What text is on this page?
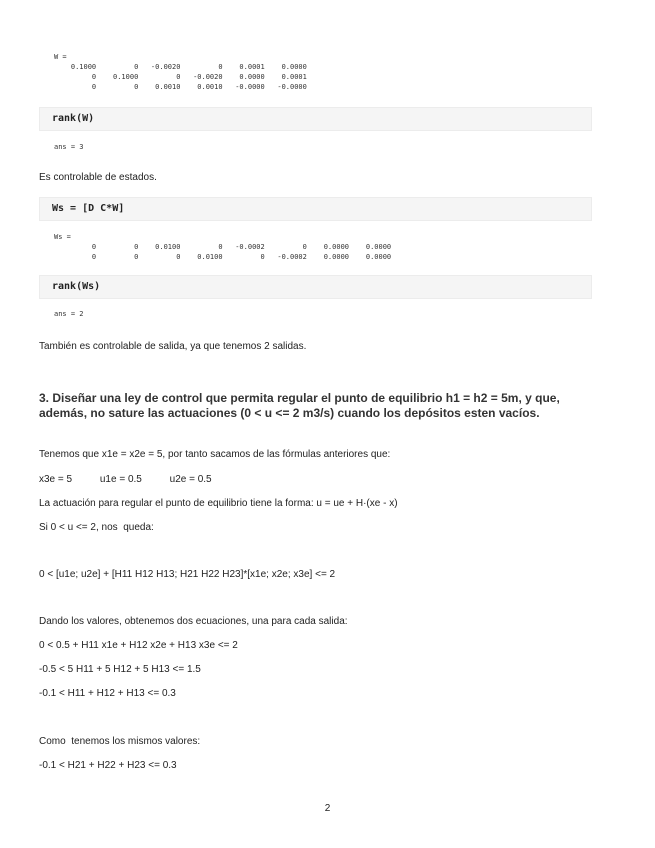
W =
0.1000         0   -0.0020         0    0.0001    0.0000
0    0.1000         0   -0.0020    0.0000    0.0001
0         0    0.0010    0.0010   -0.0000   -0.0000
rank(W)
ans = 3

Es controlable de estados.

Ws = [D C*W]
Ws =
0         0    0.0100         0   -0.0002         0    0.0000    0.0000
0         0         0    0.0100         0   -0.0002    0.0000    0.0000
rank(Ws)
ans = 2

También es controlable de salida, ya que tenemos 2 salidas.

3. Diseñar una ley de control que permita regular el punto de equilibrio h1 = h2 = 5m, y que, además, no sature las actuaciones (0 < u <= 2 m3/s) cuando los depósitos esten vacíos.

Tenemos que x1e = x2e = 5, por tanto sacamos de las fórmulas anteriores que:

x3e = 5          u1e = 0.5          u2e = 0.5

La actuación para regular el punto de equilibrio tiene la forma: u = ue + H·(xe - x)

Si 0 < u <= 2, nos  queda:

0 < [u1e; u2e] + [H11 H12 H13; H21 H22 H23]*[x1e; x2e; x3e] <= 2

Dando los valores, obtenemos dos ecuaciones, una para cada salida:

0 < 0.5 + H11 x1e + H12 x2e + H13 x3e <= 2

-0.5 < 5 H11 + 5 H12 + 5 H13 <= 1.5

-0.1 < H11 + H12 + H13 <= 0.3

Como  tenemos los mismos valores:

-0.1 < H21 + H22 + H23 <= 0.3

2
